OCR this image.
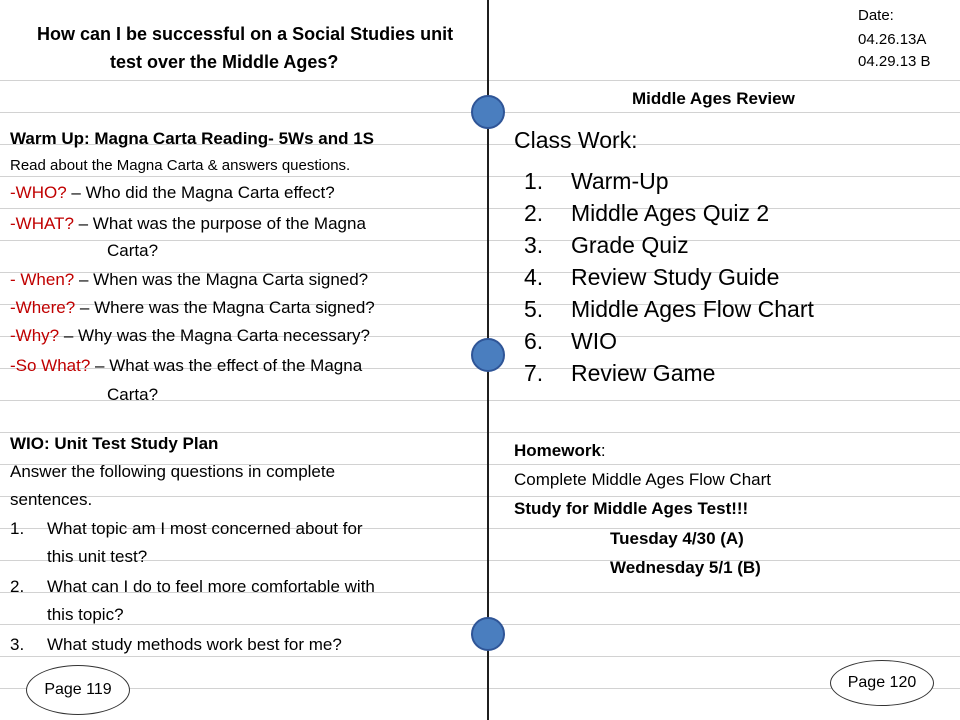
Date:
04.26.13A
04.29.13 B
How can I be successful on a Social Studies unit
test over the Middle Ages?
Warm Up: Magna Carta Reading- 5Ws and 1S
Read about the Magna Carta & answers questions.
-WHO? – Who did the Magna Carta effect?
-WHAT? – What was the purpose of the Magna
Carta?
- When? – When was the Magna Carta signed?
-Where? – Where was the Magna Carta signed?
-Why? – Why was the Magna Carta necessary?
-So What? – What was the effect of the Magna
Carta?
WIO: Unit Test Study Plan
Answer the following questions in complete
sentences.
1. What topic am I most concerned about for
this unit test?
2. What can I do to feel more comfortable with
this topic?
3. What study methods work best for me?
Page 119
Middle Ages Review
Class Work:
1. Warm-Up
2. Middle Ages Quiz 2
3. Grade Quiz
4. Review Study Guide
5. Middle Ages Flow Chart
6. WIO
7. Review Game
Homework:
Complete Middle Ages Flow Chart
Study for Middle Ages Test!!!
Tuesday 4/30 (A)
Wednesday 5/1 (B)
Page 120
